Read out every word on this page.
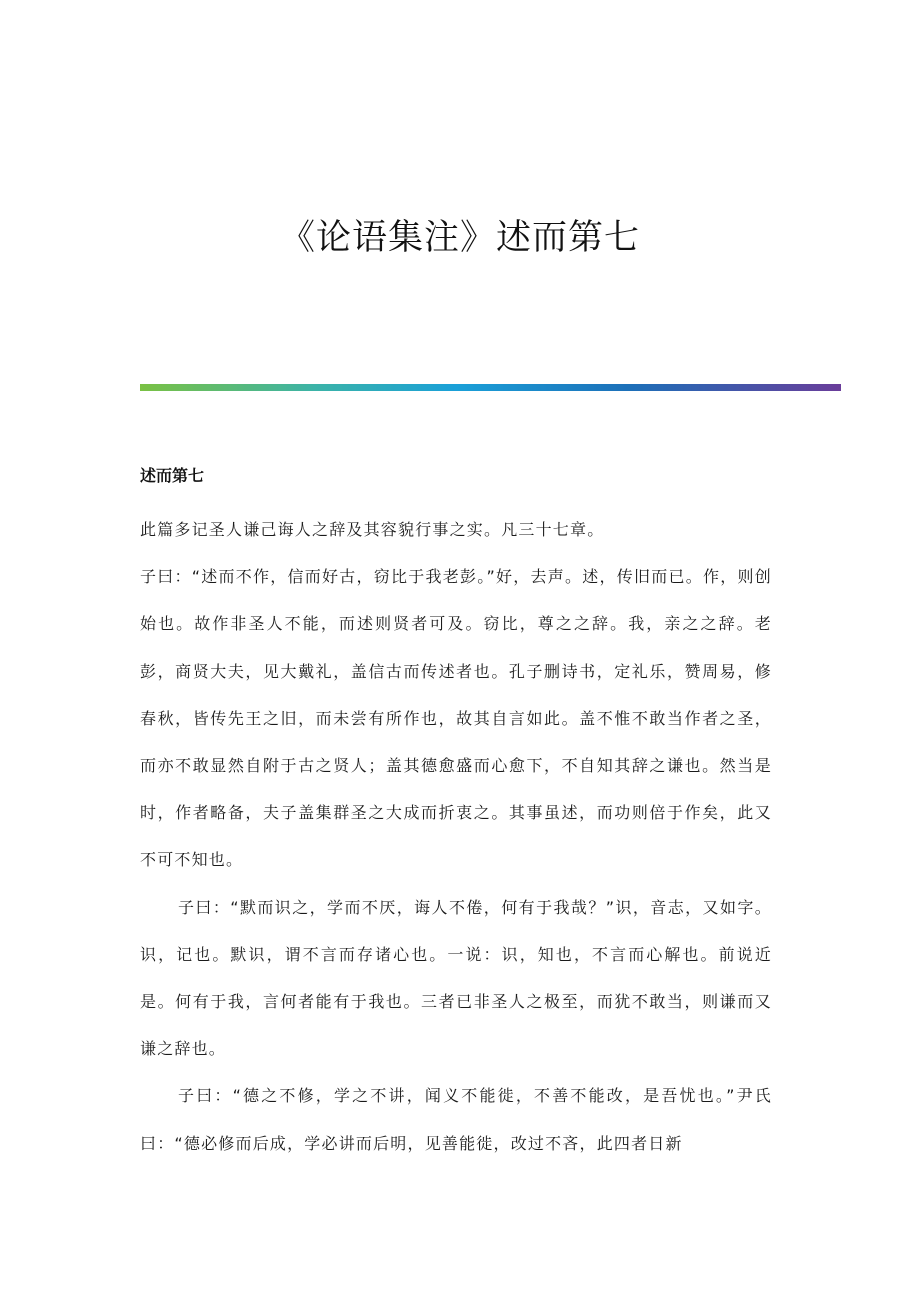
《论语集注》述而第七

述而第七

此篇多记圣人谦己诲人之辞及其容貌行事之实。凡三十七章。

子曰：“述而不作，信而好古，窃比于我老彭。”好，去声。述，传旧而已。作，则创始也。故作非圣人不能，而述则贤者可及。窃比，尊之之辞。我，亲之之辞。老彭，商贤大夫，见大戴礼，盖信古而传述者也。孔子删诗书，定礼乐，赞周易，修春秋，皆传先王之旧，而未尝有所作也，故其自言如此。盖不惟不敢当作者之圣，而亦不敢显然自附于古之贤人；盖其德愈盛而心愈下，不自知其辞之谦也。然当是时，作者略备，夫子盖集群圣之大成而折衷之。其事虽述，而功则倍于作矣，此又不可不知也。

子曰：“默而识之，学而不厌，诲人不倦，何有于我哉？”识，音志，又如字。识，记也。默识，谓不言而存诸心也。一说：识，知也，不言而心解也。前说近是。何有于我，言何者能有于我也。三者已非圣人之极至，而犹不敢当，则谦而又谦之辞也。

子曰：“德之不修，学之不讲，闻义不能徙，不善不能改，是吾忧也。”尹氏曰：“德必修而后成，学必讲而后明，见善能徙，改过不吝，此四者日新
